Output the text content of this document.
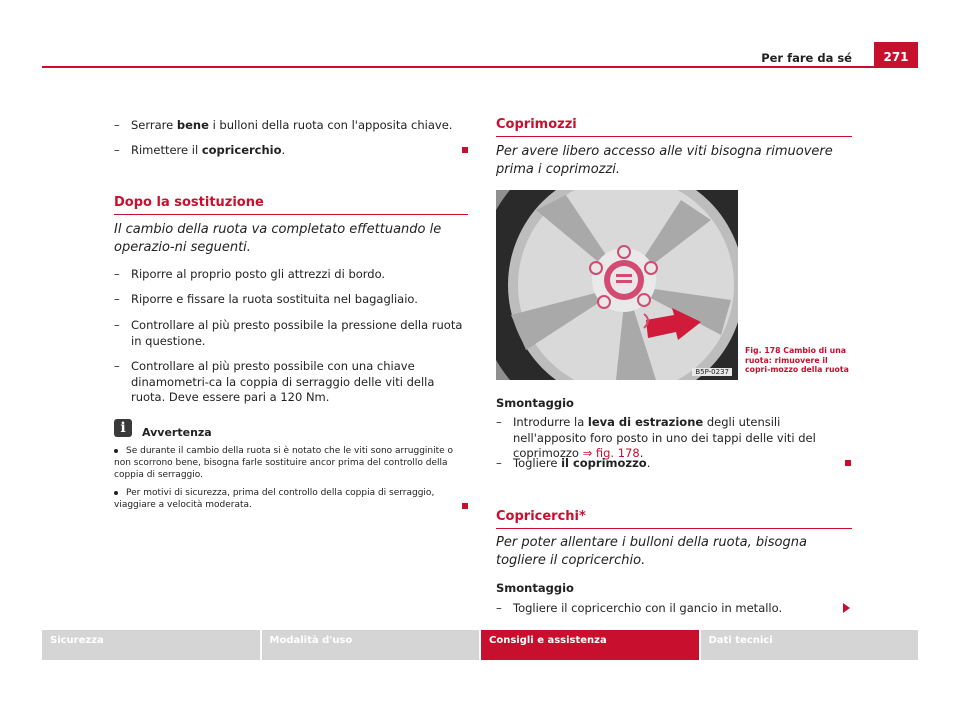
Per fare da sé	271
– Serrare bene i bulloni della ruota con l'apposita chiave.
– Rimettere il copricerchio.
Dopo la sostituzione
Il cambio della ruota va completato effettuando le operazio-ni seguenti.
– Riporre al proprio posto gli attrezzi di bordo.
– Riporre e fissare la ruota sostituita nel bagagliaio.
– Controllare al più presto possibile la pressione della ruota in questione.
– Controllare al più presto possibile con una chiave dinamometri-ca la coppia di serraggio delle viti della ruota. Deve essere pari a 120 Nm.
i
Avvertenza
Se durante il cambio della ruota si è notato che le viti sono arrugginite o non scorrono bene, bisogna farle sostituire ancor prima del controllo della coppia di serraggio.
Per motivi di sicurezza, prima del controllo della coppia di serraggio, viaggiare a velocità moderata.
Coprimozzi
Per avere libero accesso alle viti bisogna rimuovere prima i coprimozzi.
B5P-0237
Fig. 178 Cambio di una ruota: rimuovere il copri-mozzo della ruota
Smontaggio
– Introdurre la leva di estrazione degli utensili nell'apposito foro posto in uno dei tappi delle viti del coprimozzo ⇒ fig. 178.
– Togliere il coprimozzo.
Copricerchi*
Per poter allentare i bulloni della ruota, bisogna togliere il copricerchio.
Smontaggio
– Togliere il copricerchio con il gancio in metallo.
Sicurezza	Modalità d'uso	Consigli e assistenza	Dati tecnici
